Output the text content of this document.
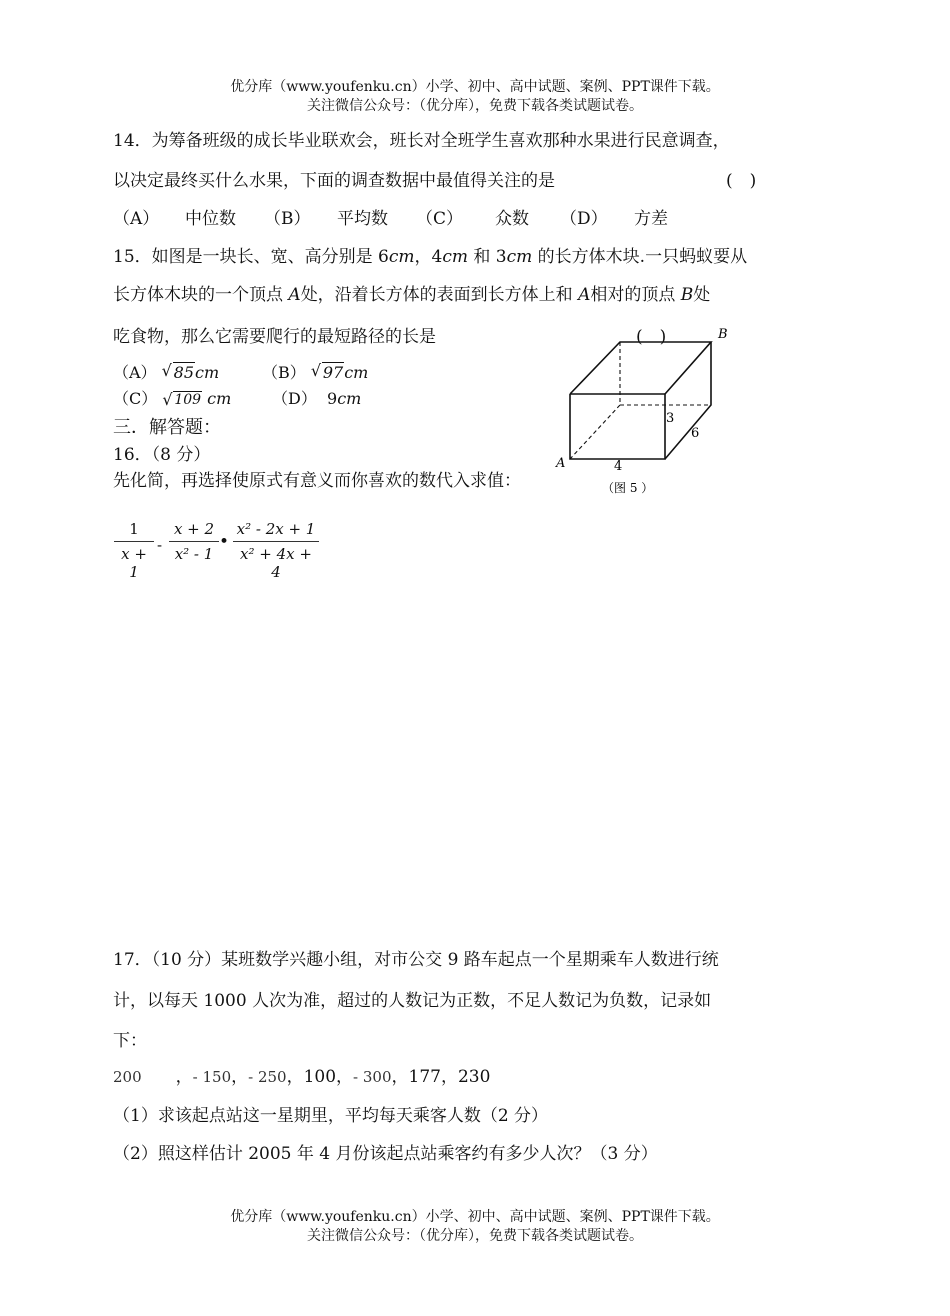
优分库（www.youfenku.cn）小学、初中、高中试题、案例、PPT课件下载。
关注微信公众号：（优分库），免费下载各类试题试卷。
14．为筹备班级的成长毕业联欢会，班长对全班学生喜欢那种水果进行民意调查，
以决定最终买什么水果，下面的调查数据中最值得关注的是	(　)
（A） 中位数 （B） 平均数 （C） 众数 （D） 方差
15．如图是一块长、宽、高分别是 6cm，4cm 和 3cm 的长方体木块.一只蚂蚁要从
长方体木块的一个顶点 A处，沿着长方体的表面到长方体上和 A相对的顶点 B处
吃食物，那么它需要爬行的最短路径的长是	(　)
（A） √ 85cm	（B） √ 97cm
（C） √ 109 cm	（D） 9cm
A
B
3
6
4
（图 5 ）
三．解答题：
16．（8 分）
先化简，再选择使原式有意义而你喜欢的数代入求值：
$\frac{1}{x + 1} - \frac{x + 2}{\text{x² - 1}}$ • $\frac{\text{x² - 2x + 1}}{\text{x² + 4x + 4}}$
17．（10 分）某班数学兴趣小组，对市公交 9 路车起点一个星期乘车人数进行统
计，以每天 1000 人次为准，超过的人数记为正数，不足人数记为负数，记录如
下：
200 ，- 150，- 250，100，- 300，177，230
（1）求该起点站这一星期里，平均每天乘客人数（2 分）
（2）照这样估计 2005 年 4 月份该起点站乘客约有多少人次？（3 分）
优分库（www.youfenku.cn）小学、初中、高中试题、案例、PPT课件下载。
关注微信公众号：（优分库），免费下载各类试题试卷。
